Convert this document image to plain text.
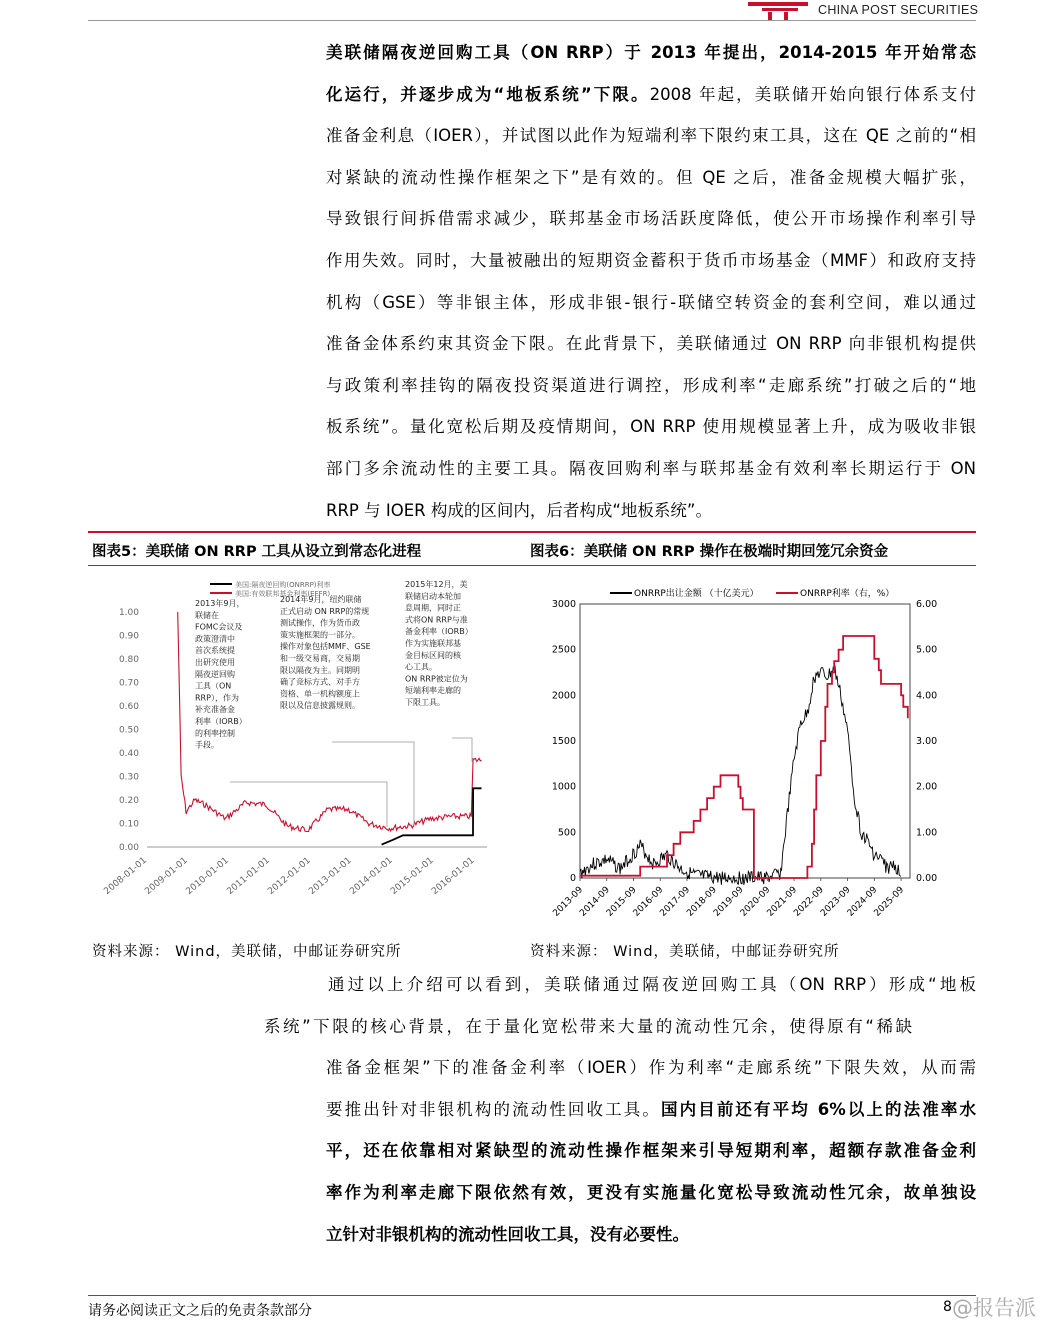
CHINA POST SECURITIES
美联储隔夜逆回购工具（ON RRP）于 2013 年提出，2014-2015 年开始常态
化运行，并逐步成为“地板系统”下限。2008 年起，美联储开始向银行体系支付
准备金利息（IOER），并试图以此作为短端利率下限约束工具，这在 QE 之前的“相
对紧缺的流动性操作框架之下”是有效的。但 QE 之后，准备金规模大幅扩张，
导致银行间拆借需求减少，联邦基金市场活跃度降低，使公开市场操作利率引导
作用失效。同时，大量被融出的短期资金蓄积于货币市场基金（MMF）和政府支持
机构（GSE）等非银主体，形成非银-银行-联储空转资金的套利空间，难以通过
准备金体系约束其资金下限。在此背景下，美联储通过 ON RRP 向非银机构提供
与政策利率挂钩的隔夜投资渠道进行调控，形成利率“走廊系统”打破之后的“地
板系统”。量化宽松后期及疫情期间，ON RRP 使用规模显著上升，成为吸收非银
部门多余流动性的主要工具。隔夜回购利率与联邦基金有效利率长期运行于 ON
RRP 与 IOER 构成的区间内，后者构成“地板系统”。
图表5：美联储 ON RRP 工具从设立到常态化进程	图表6：美联储 ON RRP 操作在极端时期回笼冗余资金
1.00
0.90
0.80
0.70
0.60
0.50
0.40
0.30
0.20
0.10
0.00
2008-01-01
2009-01-01
2010-01-01
2011-01-01
2012-01-01
2013-01-01
2014-01-01
2015-01-01
2016-01-01
美国:隔夜逆回购(ONRRP)利率
美国:有效联邦基金利率(EFFR)
2013年9月，
联储在
FOMC会议及
政策澄清中
首次系统提
出研究使用
隔夜逆回购
工具（ON
RRP），作为
补充准备金
利率（IORB）
的利率控制
手段。
2014年9月，纽约联储
正式启动 ON RRP的常规
测试操作，作为货币政
策实施框架的一部分。
操作对象包括MMF、GSE
和一级交易商，交易期
限以隔夜为主。同期明
确了竞标方式、对手方
资格、单一机构额度上
限以及信息披露规则。
2015年12月，美
联储启动本轮加
息周期，同时正
式将ON RRP与准
备金利率（IORB）
作为实施联邦基
金目标区间的核
心工具。
ON RRP被定位为
短端利率走廊的
下限工具。
3000
2500
2000
1500
1000
500
0
6.00
5.00
4.00
3.00
2.00
1.00
0.00
2013-09
2014-09
2015-09
2016-09
2017-09
2018-09
2019-09
2020-09
2021-09
2022-09
2023-09
2024-09
2025-09
ONRRP出让金额 （十亿美元）	ONRRP利率（右，%）
资料来源： Wind，美联储，中邮证券研究所	资料来源： Wind，美联储，中邮证券研究所
通过以上介绍可以看到，美联储通过隔夜逆回购工具（ON RRP）形成“地板
系统”下限的核心背景，在于量化宽松带来大量的流动性冗余，使得原有“稀缺
准备金框架”下的准备金利率（IOER）作为利率“走廊系统”下限失效，从而需
要推出针对非银机构的流动性回收工具。国内目前还有平均 6%以上的法准率水
平，还在依靠相对紧缺型的流动性操作框架来引导短期利率，超额存款准备金利
率作为利率走廊下限依然有效，更没有实施量化宽松导致流动性冗余，故单独设
立针对非银机构的流动性回收工具，没有必要性。
请务必阅读正文之后的免责条款部分	8 @报告派
